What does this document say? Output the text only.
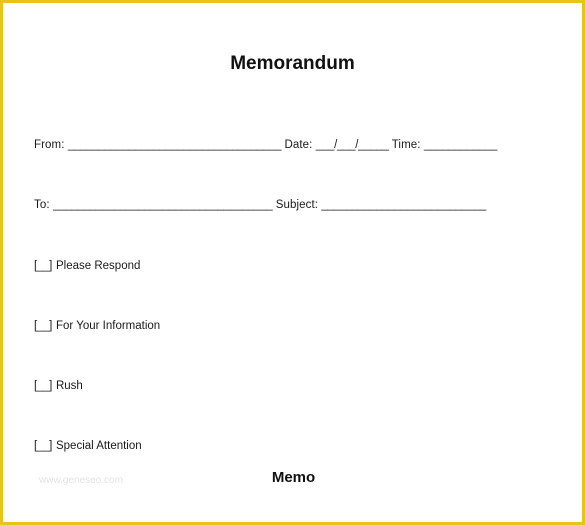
Memorandum
From: ___________________________________ Date: ___/___/_____ Time: ____________
To: ____________________________________ Subject: ___________________________
[__] Please Respond
[__] For Your Information
[__] Rush
[__] Special Attention
www.geneseo.com	Memo
